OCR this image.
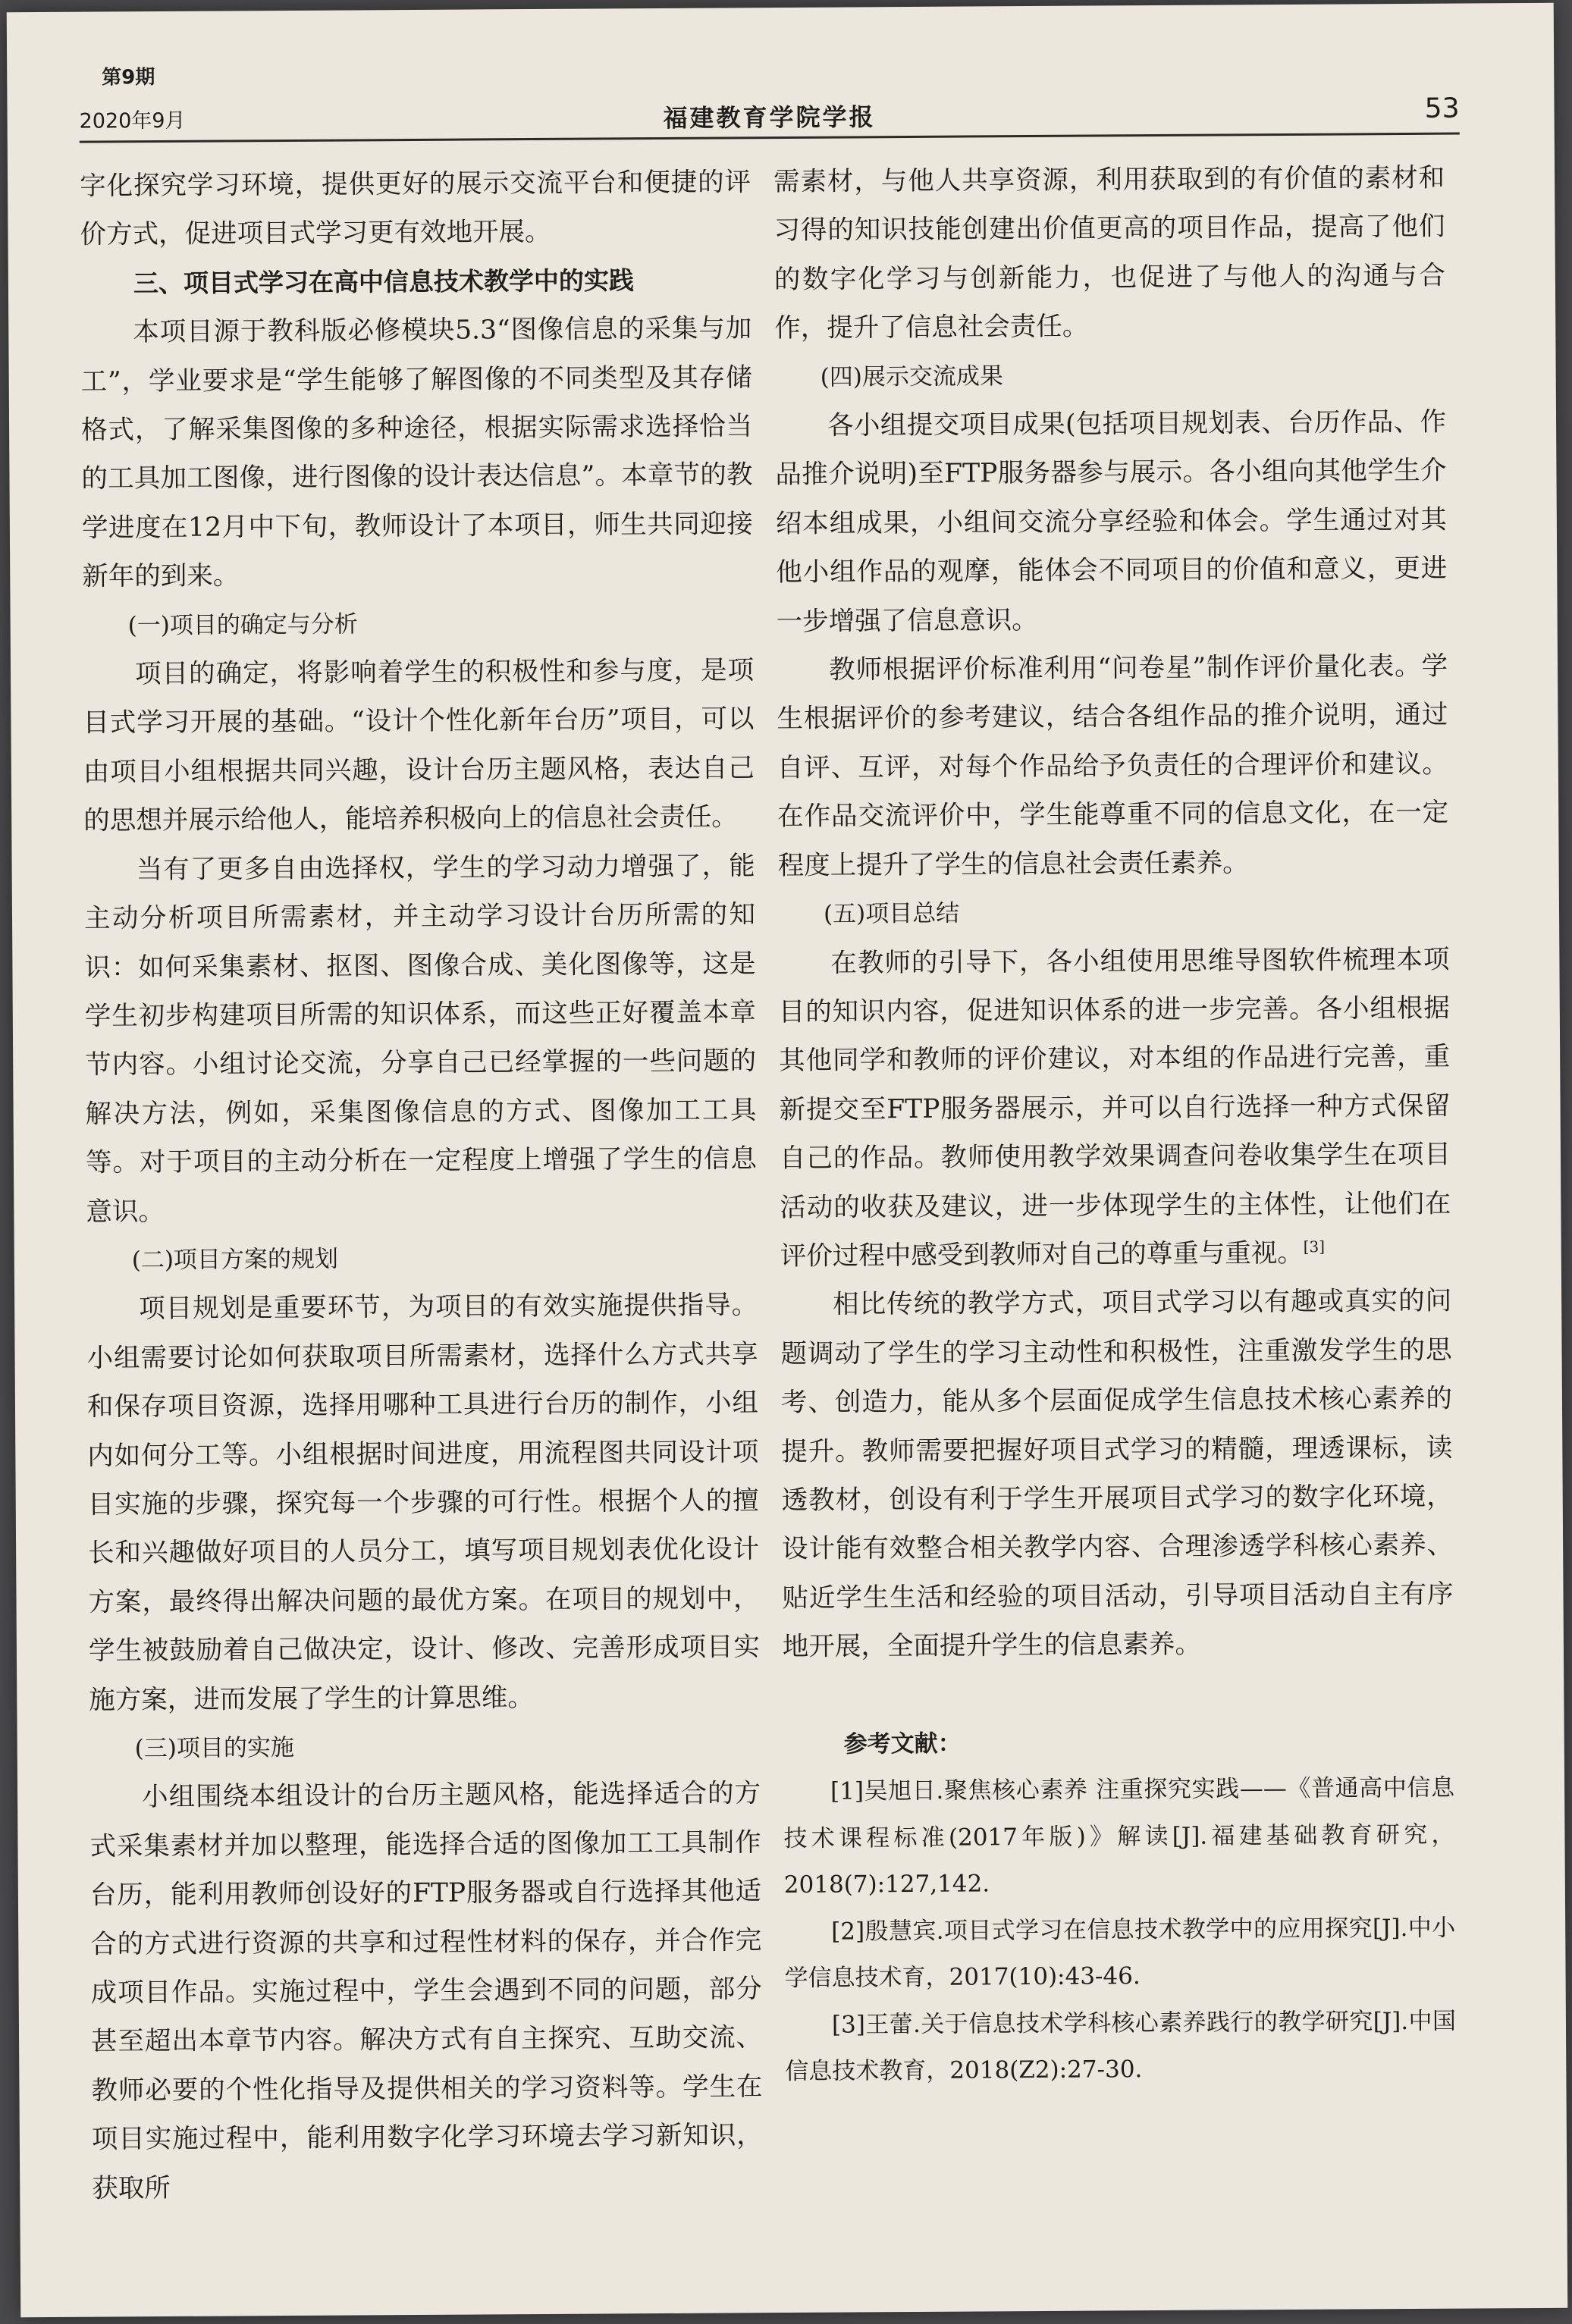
第9期
2020年9月	福建教育学院学报	53

字化探究学习环境，提供更好的展示交流平台和便捷的评价方式，促进项目式学习更有效地开展。

三、项目式学习在高中信息技术教学中的实践

本项目源于教科版必修模块5.3“图像信息的采集与加工”，学业要求是“学生能够了解图像的不同类型及其存储格式，了解采集图像的多种途径，根据实际需求选择恰当的工具加工图像，进行图像的设计表达信息”。本章节的教学进度在12月中下旬，教师设计了本项目，师生共同迎接新年的到来。

(一)项目的确定与分析

项目的确定，将影响着学生的积极性和参与度，是项目式学习开展的基础。“设计个性化新年台历”项目，可以由项目小组根据共同兴趣，设计台历主题风格，表达自己的思想并展示给他人，能培养积极向上的信息社会责任。

当有了更多自由选择权，学生的学习动力增强了，能主动分析项目所需素材，并主动学习设计台历所需的知识：如何采集素材、抠图、图像合成、美化图像等，这是学生初步构建项目所需的知识体系，而这些正好覆盖本章节内容。小组讨论交流，分享自己已经掌握的一些问题的解决方法，例如，采集图像信息的方式、图像加工工具等。对于项目的主动分析在一定程度上增强了学生的信息意识。

(二)项目方案的规划

项目规划是重要环节，为项目的有效实施提供指导。小组需要讨论如何获取项目所需素材，选择什么方式共享和保存项目资源，选择用哪种工具进行台历的制作，小组内如何分工等。小组根据时间进度，用流程图共同设计项目实施的步骤，探究每一个步骤的可行性。根据个人的擅长和兴趣做好项目的人员分工，填写项目规划表优化设计方案，最终得出解决问题的最优方案。在项目的规划中，学生被鼓励着自己做决定，设计、修改、完善形成项目实施方案，进而发展了学生的计算思维。

(三)项目的实施

小组围绕本组设计的台历主题风格，能选择适合的方式采集素材并加以整理，能选择合适的图像加工工具制作台历，能利用教师创设好的FTP服务器或自行选择其他适合的方式进行资源的共享和过程性材料的保存，并合作完成项目作品。实施过程中，学生会遇到不同的问题，部分甚至超出本章节内容。解决方式有自主探究、互助交流、教师必要的个性化指导及提供相关的学习资料等。学生在项目实施过程中，能利用数字化学习环境去学习新知识，获取所

需素材，与他人共享资源，利用获取到的有价值的素材和习得的知识技能创建出价值更高的项目作品，提高了他们的数字化学习与创新能力，也促进了与他人的沟通与合作，提升了信息社会责任。

(四)展示交流成果

各小组提交项目成果(包括项目规划表、台历作品、作品推介说明)至FTP服务器参与展示。各小组向其他学生介绍本组成果，小组间交流分享经验和体会。学生通过对其他小组作品的观摩，能体会不同项目的价值和意义，更进一步增强了信息意识。

教师根据评价标准利用“问卷星”制作评价量化表。学生根据评价的参考建议，结合各组作品的推介说明，通过自评、互评，对每个作品给予负责任的合理评价和建议。在作品交流评价中，学生能尊重不同的信息文化，在一定程度上提升了学生的信息社会责任素养。

(五)项目总结

在教师的引导下，各小组使用思维导图软件梳理本项目的知识内容，促进知识体系的进一步完善。各小组根据其他同学和教师的评价建议，对本组的作品进行完善，重新提交至FTP服务器展示，并可以自行选择一种方式保留自己的作品。教师使用教学效果调查问卷收集学生在项目活动的收获及建议，进一步体现学生的主体性，让他们在评价过程中感受到教师对自己的尊重与重视。[3]

相比传统的教学方式，项目式学习以有趣或真实的问题调动了学生的学习主动性和积极性，注重激发学生的思考、创造力，能从多个层面促成学生信息技术核心素养的提升。教师需要把握好项目式学习的精髓，理透课标，读透教材，创设有利于学生开展项目式学习的数字化环境，设计能有效整合相关教学内容、合理渗透学科核心素养、贴近学生生活和经验的项目活动，引导项目活动自主有序地开展，全面提升学生的信息素养。

参考文献：

[1]吴旭日.聚焦核心素养 注重探究实践——《普通高中信息技术课程标准(2017年版)》解读[J].福建基础教育研究，2018(7):127,142.

[2]殷慧宾.项目式学习在信息技术教学中的应用探究[J].中小学信息技术育，2017(10):43-46.

[3]王蕾.关于信息技术学科核心素养践行的教学研究[J].中国信息技术教育，2018(Z2):27-30.
